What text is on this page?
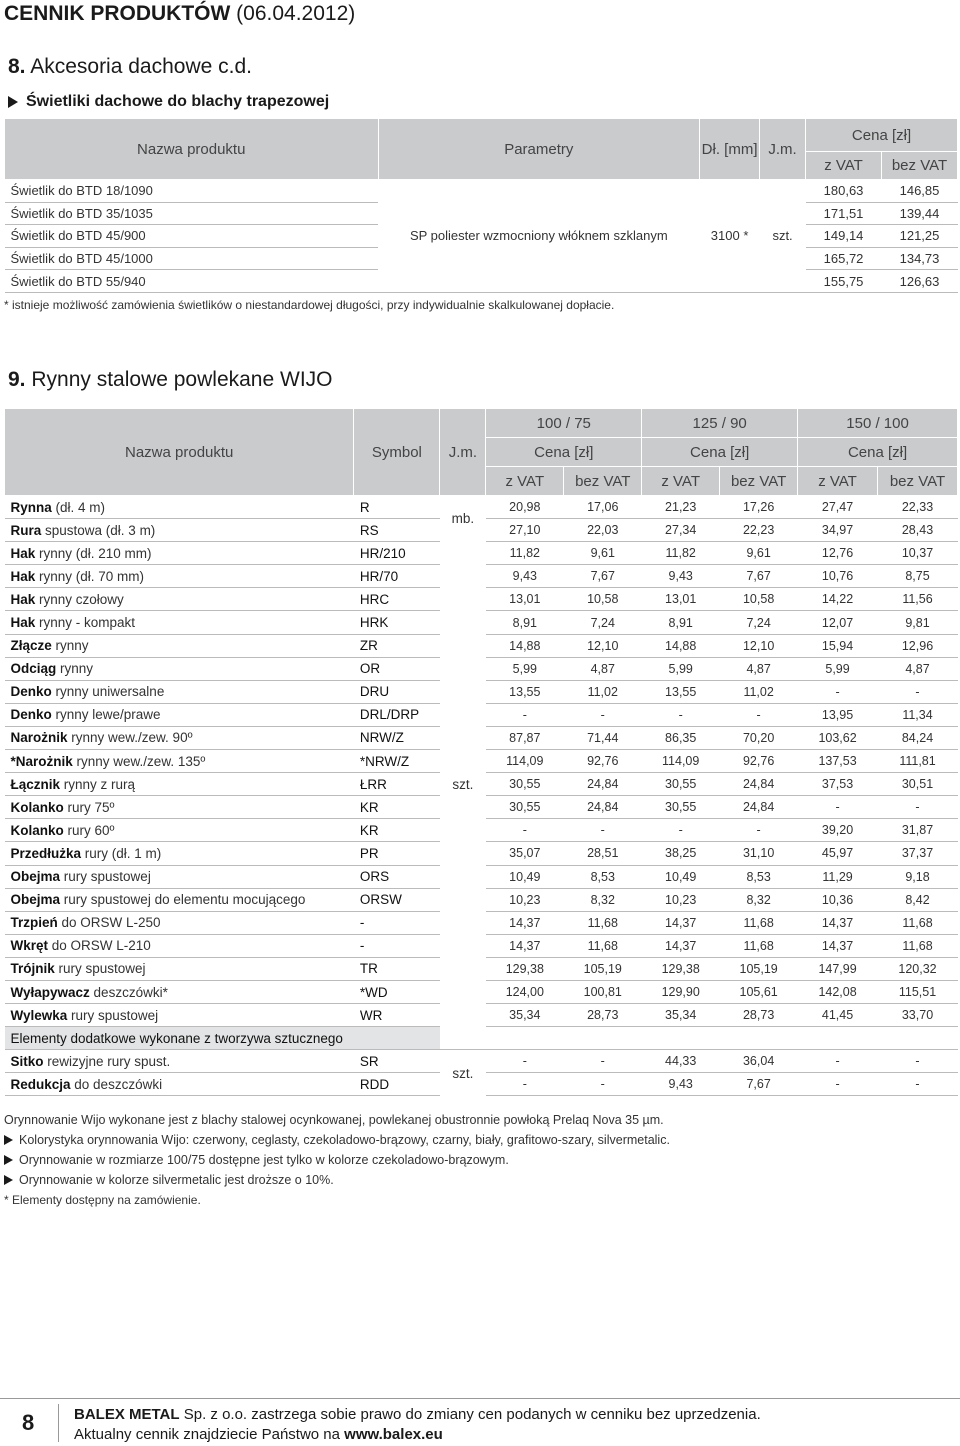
CENNIK PRODUKTÓW (06.04.2012)
8. Akcesoria dachowe c.d.
Świetliki dachowe do blachy trapezowej
Nazwa produktu	Parametry	Dł. [mm]	J.m.	Cena [zł]	
				z VAT	bez VAT
Świetlik do BTD 18/1090	SP poliester wzmocniony włóknem szklanym	3100 *	szt.	180,63	146,85
Świetlik do BTD 35/1035				171,51	139,44
Świetlik do BTD 45/900				149,14	121,25
Świetlik do BTD 45/1000				165,72	134,73
Świetlik do BTD 55/940				155,75	126,63
* istnieje możliwość zamówienia świetlików o niestandardowej długości, przy indywidualnie skalkulowanej dopłacie.
9. Rynny stalowe powlekane WIJO
Nazwa produktu	Symbol	J.m.	100 / 75		125 / 90		150 / 100	
			Cena [zł]		Cena [zł]		Cena [zł]	
			z VAT	bez VAT	z VAT	bez VAT	z VAT	bez VAT
Rynna (dł. 4 m)	R	mb.	20,98	17,06	21,23	17,26	27,47	22,33
Rura spustowa (dł. 3 m)	RS		27,10	22,03	27,34	22,23	34,97	28,43
Hak rynny (dł. 210 mm)	HR/210	szt.	11,82	9,61	11,82	9,61	12,76	10,37
Hak rynny (dł. 70 mm)	HR/70		9,43	7,67	9,43	7,67	10,76	8,75
Hak rynny czołowy	HRC		13,01	10,58	13,01	10,58	14,22	11,56
Hak rynny - kompakt	HRK		8,91	7,24	8,91	7,24	12,07	9,81
Złącze rynny	ZR		14,88	12,10	14,88	12,10	15,94	12,96
Odciąg rynny	OR		5,99	4,87	5,99	4,87	5,99	4,87
Denko rynny uniwersalne	DRU		13,55	11,02	13,55	11,02	-	-
Denko rynny lewe/prawe	DRL/DRP		-	-	-	-	13,95	11,34
Narożnik rynny wew./zew. 90º	NRW/Z		87,87	71,44	86,35	70,20	103,62	84,24
*Narożnik rynny wew./zew. 135º	*NRW/Z		114,09	92,76	114,09	92,76	137,53	111,81
Łącznik rynny z rurą	ŁRR		30,55	24,84	30,55	24,84	37,53	30,51
Kolanko rury 75º	KR		30,55	24,84	30,55	24,84	-	-
Kolanko rury 60º	KR		-	-	-	-	39,20	31,87
Przedłużka rury (dł. 1 m)	PR		35,07	28,51	38,25	31,10	45,97	37,37
Obejma rury spustowej	ORS		10,49	8,53	10,49	8,53	11,29	9,18
Obejma rury spustowej do elementu mocującego	ORSW		10,23	8,32	10,23	8,32	10,36	8,42
Trzpień do ORSW L-250	-		14,37	11,68	14,37	11,68	14,37	11,68
Wkręt do ORSW L-210	-		14,37	11,68	14,37	11,68	14,37	11,68
Trójnik rury spustowej	TR		129,38	105,19	129,38	105,19	147,99	120,32
Wyłapywacz deszczówki*	*WD		124,00	100,81	129,90	105,61	142,08	115,51
Wylewka rury spustowej	WR		35,34	28,73	35,34	28,73	41,45	33,70
Elementy dodatkowe wykonane z tworzywa sztucznego								
Sitko rewizyjne rury spust.	SR	szt.	-	-	44,33	36,04	-	-
Redukcja do deszczówki	RDD		-	-	9,43	7,67	-	-
Orynnowanie Wijo wykonane jest z blachy stalowej ocynkowanej, powlekanej obustronnie powłoką Prelaq Nova 35 µm.
Kolorystyka orynnowania Wijo: czerwony, ceglasty, czekoladowo-brązowy, czarny, biały, grafitowo-szary, silvermetalic.
Orynnowanie w rozmiarze 100/75 dostępne jest tylko w kolorze czekoladowo-brązowym.
Orynnowanie w kolorze silvermetalic jest droższe o 10%.
* Elementy dostępny na zamówienie.
8	BALEX METAL Sp. z o.o. zastrzega sobie prawo do zmiany cen podanych w cenniku bez uprzedzenia.
Aktualny cennik znajdziecie Państwo na www.balex.eu
